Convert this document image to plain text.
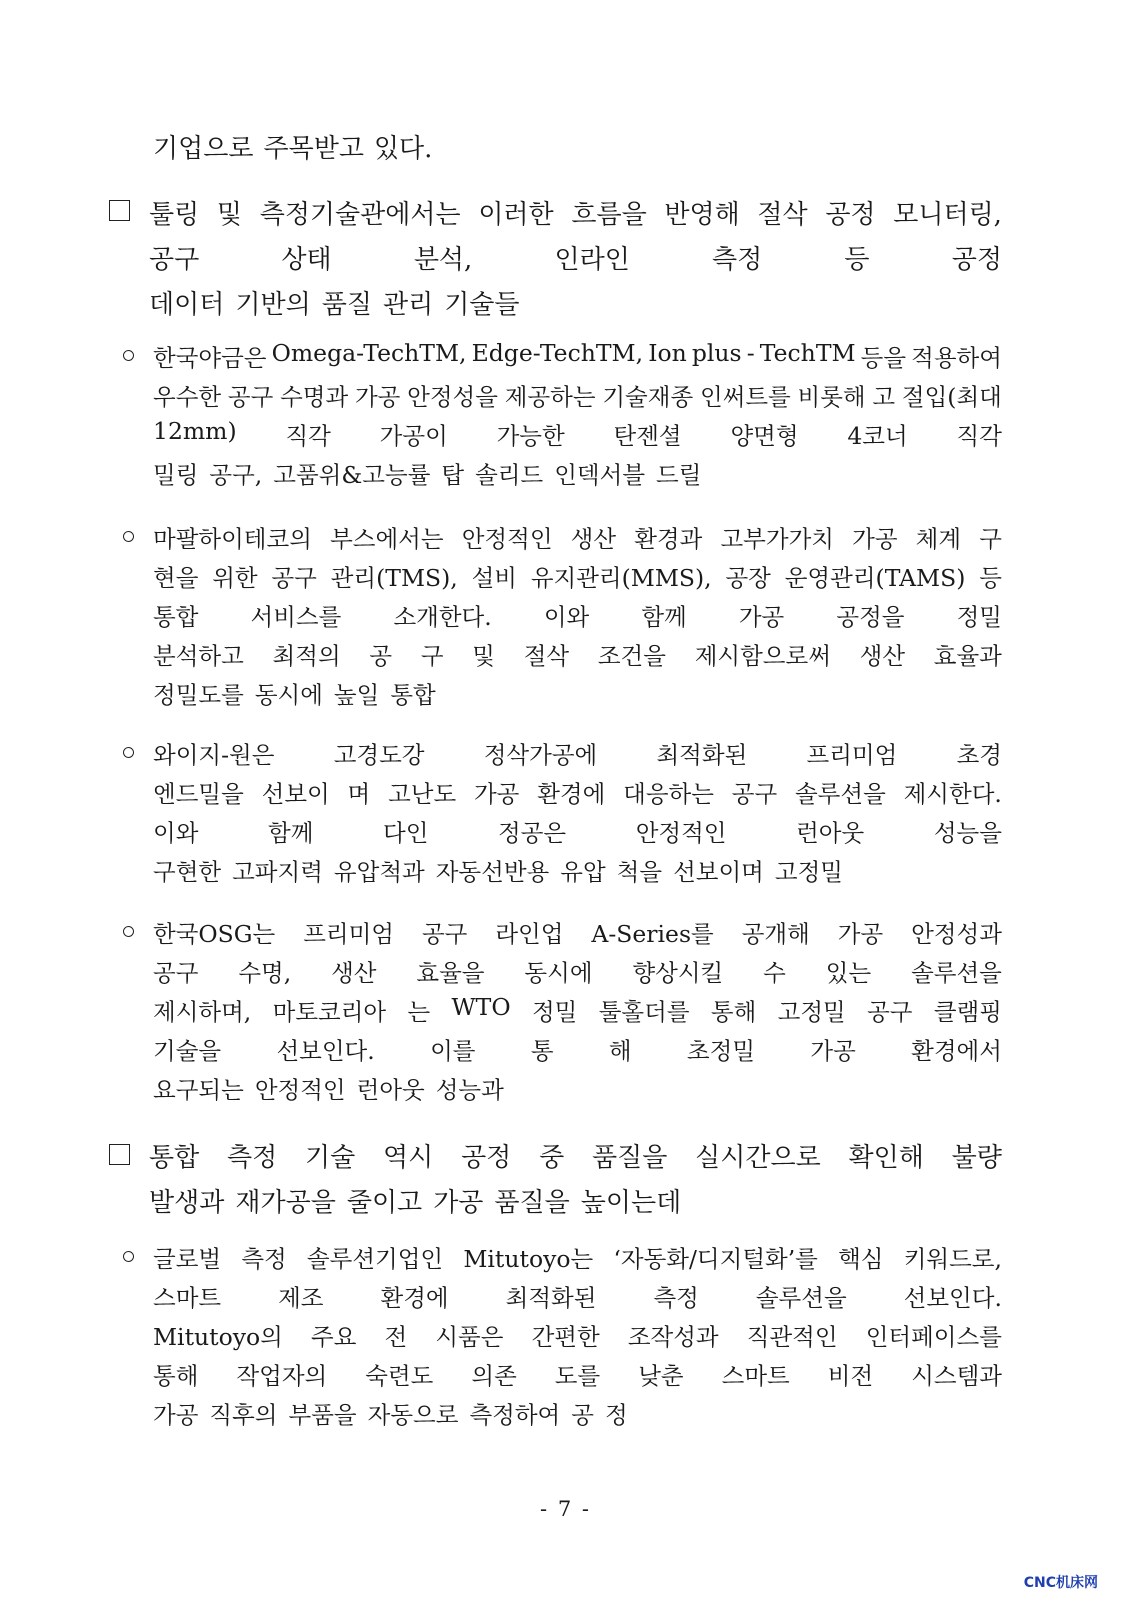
기업으로 주목받고 있다.
툴링 및 측정기술관에서는 이러한 흐름을 반영해 절삭 공정 모니터링,
공구	상태	분석,	인라인	측정	등	공정
데이터 기반의 품질 관리 기술들
한국야금은 Omega-TechTM, Edge-TechTM, Ion plus - TechTM 등을 적용하여
우수한 공구 수명과 가공 안정성을 제공하는 기술재종 인써트를 비롯해 고 절입(최대
12mm) 직각 가공이 가능한 탄젠셜 양면형 4코너 직각
밀링 공구, 고품위&고능률 탑 솔리드 인덱서블 드릴
마팔하이테코의 부스에서는 안정적인 생산 환경과 고부가가치 가공 체계 구
현을 위한 공구 관리(TMS), 설비 유지관리(MMS), 공장 운영관리(TAMS) 등
통합 서비스를 소개한다. 이와 함께 가공 공정을 정밀
분석하고 최적의 공 구 및 절삭 조건을 제시함으로써 생산 효율과
정밀도를 동시에 높일 통합
와이지-원은	고경도강	정삭가공에	최적화된	프리미엄	초경
엔드밀을 선보이 며 고난도 가공 환경에 대응하는 공구 솔루션을 제시한다.
이와	함께	다인	정공은	안정적인	런아웃	성능을
구현한 고파지력 유압척과 자동선반용 유압 척을 선보이며 고정밀
한국OSG는 프리미엄 공구 라인업 A-Series를 공개해 가공 안정성과
공구 수명, 생산 효율을 동시에 향상시킬 수 있는 솔루션을
제시하며, 마토코리아 는 WTO 정밀 툴홀더를 통해 고정밀 공구 클램핑
기술을 선보인다. 이를 통 해 초정밀 가공 환경에서
요구되는 안정적인 런아웃 성능과
통합 측정 기술 역시 공정 중 품질을 실시간으로 확인해 불량
발생과 재가공을 줄이고 가공 품질을 높이는데
글로벌 측정 솔루션기업인 Mitutoyo는 ‘자동화/디지털화’를 핵심 키워드로,
스마트 제조 환경에 최적화된 측정 솔루션을 선보인다.
Mitutoyo의 주요 전 시품은 간편한 조작성과 직관적인 인터페이스를
통해 작업자의 숙련도 의존 도를 낮춘 스마트 비전 시스템과
가공 직후의 부품을 자동으로 측정하여 공 정
- 7 -
CNC机床网
